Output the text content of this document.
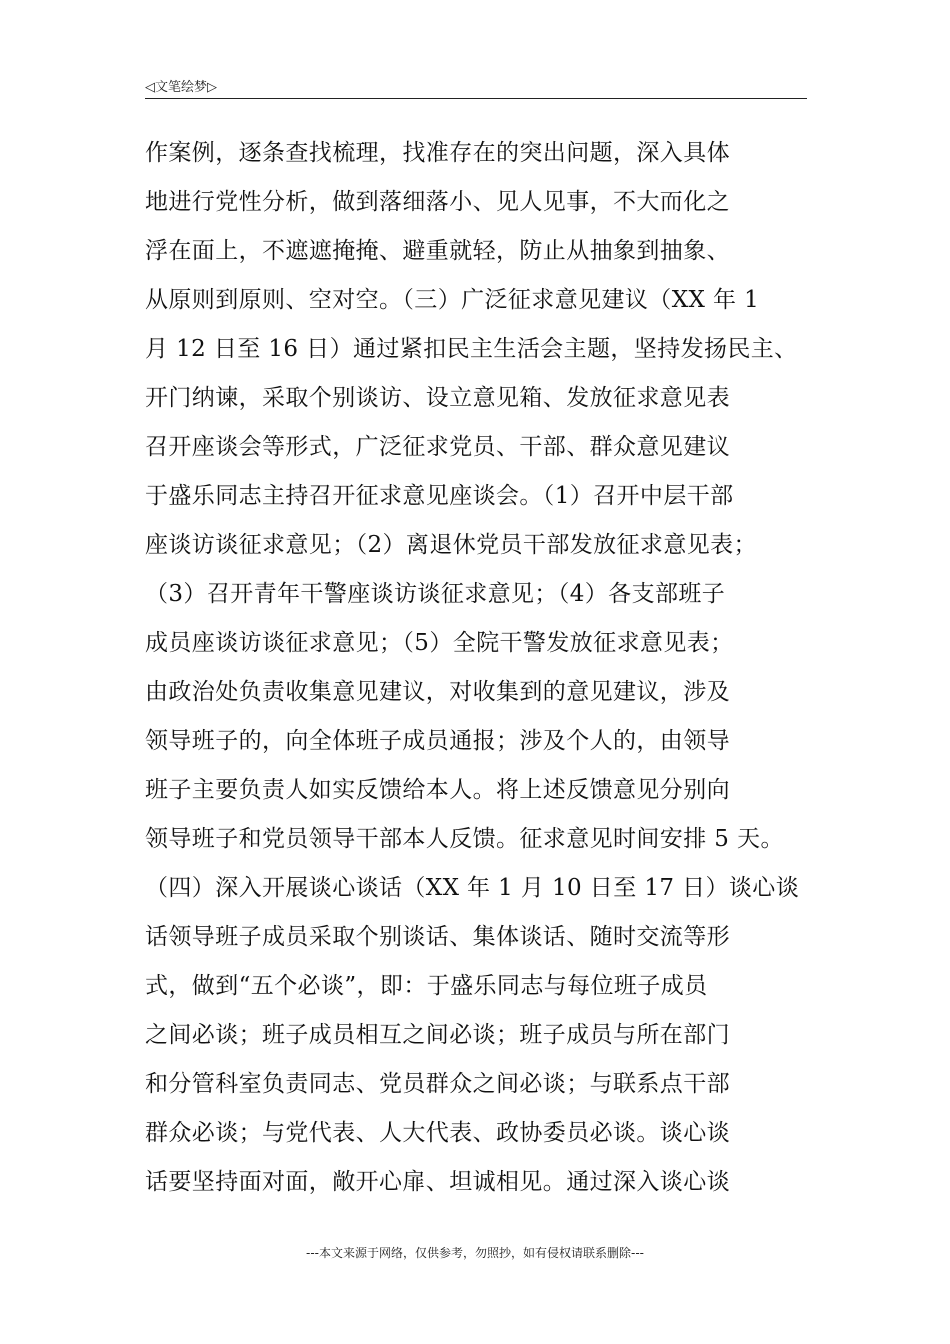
◁文笔绘梦▷
作案例，逐条查找梳理，找准存在的突出问题，深入具体
地进行党性分析，做到落细落小、见人见事，不大而化之
浮在面上，不遮遮掩掩、避重就轻，防止从抽象到抽象、
从原则到原则、空对空。（三）广泛征求意见建议（XX 年 1
月 12 日至 16 日）通过紧扣民主生活会主题，坚持发扬民主、
开门纳谏，采取个别谈访、设立意见箱、发放征求意见表
召开座谈会等形式，广泛征求党员、干部、群众意见建议
于盛乐同志主持召开征求意见座谈会。（1）召开中层干部
座谈访谈征求意见；（2）离退休党员干部发放征求意见表；
（3）召开青年干警座谈访谈征求意见；（4）各支部班子
成员座谈访谈征求意见；（5）全院干警发放征求意见表；
由政治处负责收集意见建议，对收集到的意见建议，涉及
领导班子的，向全体班子成员通报；涉及个人的，由领导
班子主要负责人如实反馈给本人。将上述反馈意见分别向
领导班子和党员领导干部本人反馈。征求意见时间安排 5 天。
（四）深入开展谈心谈话（XX 年 1 月 10 日至 17 日）谈心谈
话领导班子成员采取个别谈话、集体谈话、随时交流等形
式，做到“五个必谈”，即：于盛乐同志与每位班子成员
之间必谈；班子成员相互之间必谈；班子成员与所在部门
和分管科室负责同志、党员群众之间必谈；与联系点干部
群众必谈；与党代表、人大代表、政协委员必谈。谈心谈
话要坚持面对面，敞开心扉、坦诚相见。通过深入谈心谈
---本文来源于网络，仅供参考，勿照抄，如有侵权请联系删除---
